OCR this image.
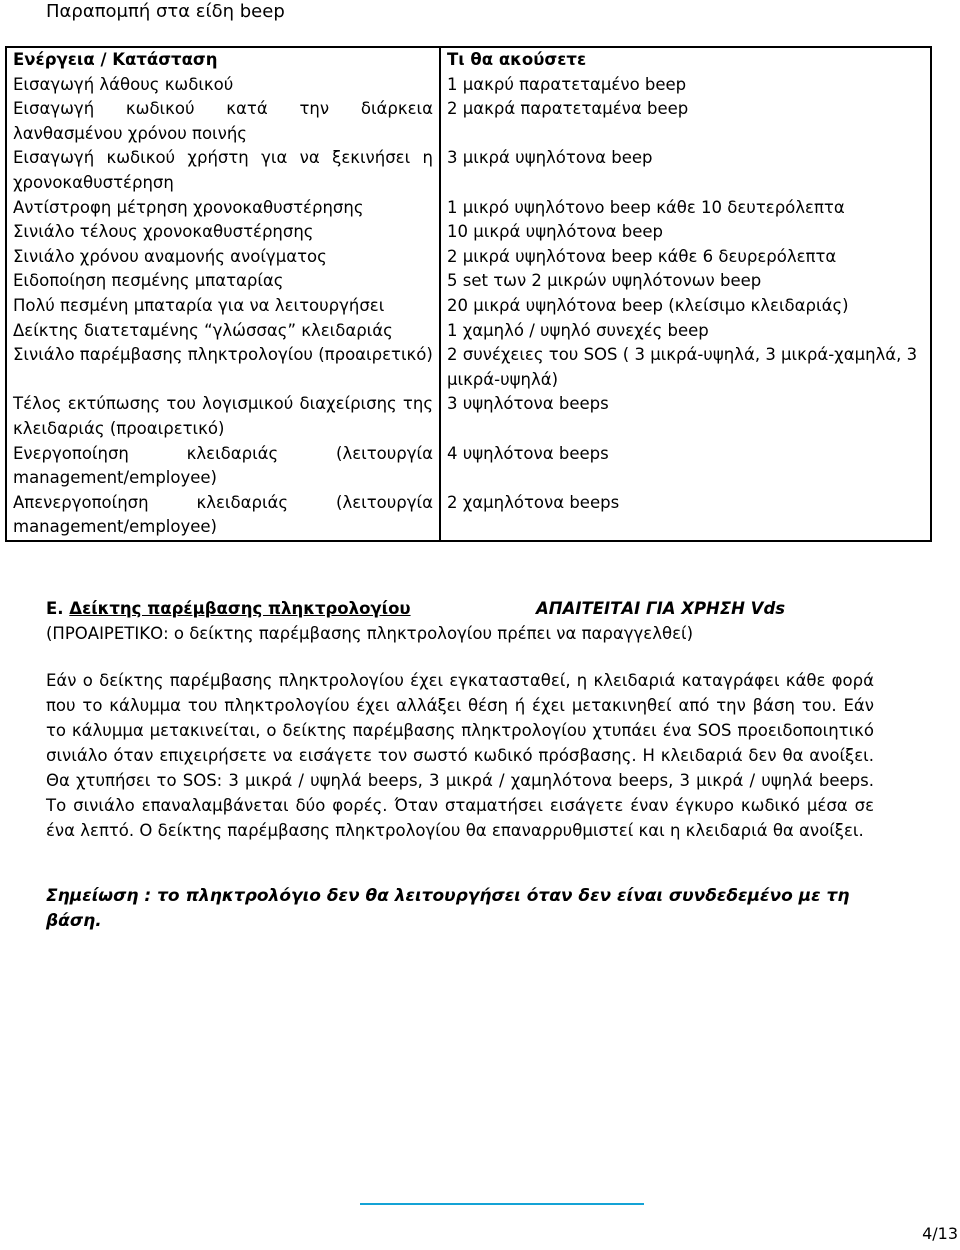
Παραπομπή στα είδη beep
Ενέργεια / Κατάσταση	Τι θα ακούσετε
Εισαγωγή λάθους κωδικού	1 μακρύ παρατεταμένο beep
Εισαγωγή κωδικού κατά την διάρκεια λανθασμένου χρόνου ποινής	2 μακρά παρατεταμένα beep
Εισαγωγή κωδικού χρήστη για να ξεκινήσει η χρονοκαθυστέρηση	3 μικρά υψηλότονα beep
Αντίστροφη μέτρηση χρονοκαθυστέρησης	1 μικρό υψηλότονο beep κάθε 10 δευτερόλεπτα
Σινιάλο τέλους χρονοκαθυστέρησης	10 μικρά υψηλότονα beep
Σινιάλο χρόνου αναμονής ανοίγματος	2 μικρά υψηλότονα beep κάθε 6 δευρερόλεπτα
Ειδοποίηση πεσμένης μπαταρίας	5 set των 2 μικρών υψηλότονων beep
Πολύ πεσμένη μπαταρία για να λειτουργήσει	20 μικρά υψηλότονα beep (κλείσιμο κλειδαριάς)
Δείκτης διατεταμένης “γλώσσας” κλειδαριάς	1 χαμηλό / υψηλό συνεχές beep
Σινιάλο παρέμβασης πληκτρολογίου (προαιρετικό)	2 συνέχειες του SOS ( 3 μικρά-υψηλά, 3 μικρά-χαμηλά, 3 μικρά-υψηλά)
Τέλος εκτύπωσης του λογισμικού διαχείρισης της κλειδαριάς (προαιρετικό)	3 υψηλότονα beeps
Ενεργοποίηση κλειδαριάς (λειτουργία management/employee)	4 υψηλότονα beeps
Απενεργοποίηση κλειδαριάς (λειτουργία management/employee)	2 χαμηλότονα beeps
Ε. Δείκτης παρέμβασης πληκτρολογίου	ΑΠΑΙΤΕΙΤΑΙ ΓΙΑ ΧΡΗΣΗ Vds
(ΠΡΟΑΙΡΕΤΙΚΟ: ο δείκτης παρέμβασης πληκτρολογίου πρέπει να παραγγελθεί)
Εάν ο δείκτης παρέμβασης πληκτρολογίου έχει εγκατασταθεί, η κλειδαριά καταγράφει κάθε φορά που το κάλυμμα του πληκτρολογίου έχει αλλάξει θέση ή έχει μετακινηθεί από την βάση του. Εάν το κάλυμμα μετακινείται, ο δείκτης παρέμβασης πληκτρολογίου χτυπάει ένα SOS προειδοποιητικό σινιάλο όταν επιχειρήσετε να εισάγετε τον σωστό κωδικό πρόσβασης. Η κλειδαριά δεν θα ανοίξει. Θα χτυπήσει το SOS: 3 μικρά / υψηλά beeps, 3 μικρά / χαμηλότονα beeps, 3 μικρά / υψηλά beeps. Το σινιάλο επαναλαμβάνεται δύο φορές. Όταν σταματήσει εισάγετε έναν έγκυρο κωδικό μέσα σε ένα λεπτό. Ο δείκτης παρέμβασης πληκτρολογίου θα επαναρρυθμιστεί και η κλειδαριά θα ανοίξει.
Σημείωση : το πληκτρολόγιο δεν θα λειτουργήσει όταν δεν είναι συνδεδεμένο με τη βάση.
4/13
